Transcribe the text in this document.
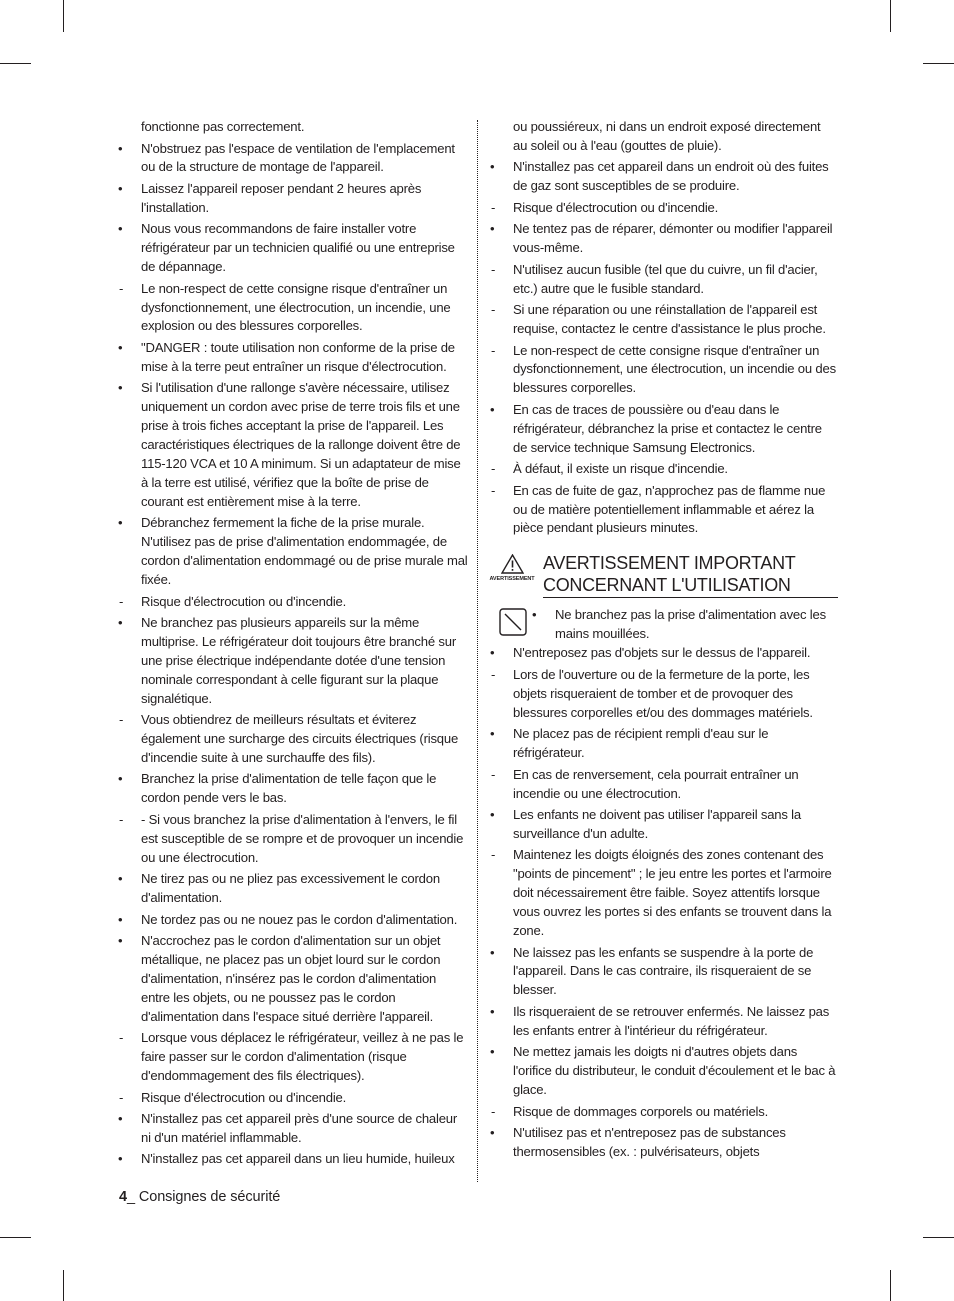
fonctionne pas correctement.
• N'obstruez pas l'espace de ventilation de l'emplacement ou de la structure de montage de l'appareil.
• Laissez l'appareil reposer pendant 2 heures après l'installation.
• Nous vous recommandons de faire installer votre réfrigérateur par un technicien qualifié ou une entreprise de dépannage.
- Le non-respect de cette consigne risque d'entraîner un dysfonctionnement, une électrocution, un incendie, une explosion ou des blessures corporelles.
• "DANGER : toute utilisation non conforme de la prise de mise à la terre peut entraîner un risque d'électrocution.
• Si l'utilisation d'une rallonge s'avère nécessaire, utilisez uniquement un cordon avec prise de terre trois fils et une prise à trois fiches acceptant la prise de l'appareil. Les caractéristiques électriques de la rallonge doivent être de 115-120 VCA et 10 A minimum. Si un adaptateur de mise à la terre est utilisé, vérifiez que la boîte de prise de courant est entièrement mise à la terre.
• Débranchez fermement la fiche de la prise murale. N'utilisez pas de prise d'alimentation endommagée, de cordon d'alimentation endommagé ou de prise murale mal fixée.
- Risque d'électrocution ou d'incendie.
• Ne branchez pas plusieurs appareils sur la même multiprise. Le réfrigérateur doit toujours être branché sur une prise électrique indépendante dotée d'une tension nominale correspondant à celle figurant sur la plaque signalétique.
- Vous obtiendrez de meilleurs résultats et éviterez également une surcharge des circuits électriques (risque d'incendie suite à une surchauffe des fils).
• Branchez la prise d'alimentation de telle façon que le cordon pende vers le bas.
- - Si vous branchez la prise d'alimentation à l'envers, le fil est susceptible de se rompre et de provoquer un incendie ou une électrocution.
• Ne tirez pas ou ne pliez pas excessivement le cordon d'alimentation.
• Ne tordez pas ou ne nouez pas le cordon d'alimentation.
• N'accrochez pas le cordon d'alimentation sur un objet métallique, ne placez pas un objet lourd sur le cordon d'alimentation, n'insérez pas le cordon d'alimentation entre les objets, ou ne poussez pas le cordon d'alimentation dans l'espace situé derrière l'appareil.
- Lorsque vous déplacez le réfrigérateur, veillez à ne pas le faire passer sur le cordon d'alimentation (risque d'endommagement des fils électriques).
- Risque d'électrocution ou d'incendie.
• N'installez pas cet appareil près d'une source de chaleur ni d'un matériel inflammable.
• N'installez pas cet appareil dans un lieu humide, huileux
ou poussiéreux, ni dans un endroit exposé directement au soleil ou à l'eau (gouttes de pluie).
• N'installez pas cet appareil dans un endroit où des fuites de gaz sont susceptibles de se produire.
- Risque d'électrocution ou d'incendie.
• Ne tentez pas de réparer, démonter ou modifier l'appareil vous-même.
- N'utilisez aucun fusible (tel que du cuivre, un fil d'acier, etc.) autre que le fusible standard.
- Si une réparation ou une réinstallation de l'appareil est requise, contactez le centre d'assistance le plus proche.
- Le non-respect de cette consigne risque d'entraîner un dysfonctionnement, une électrocution, un incendie ou des blessures corporelles.
• En cas de traces de poussière ou d'eau dans le réfrigérateur, débranchez la prise et contactez le centre de service technique Samsung Electronics.
- À défaut, il existe un risque d'incendie.
- En cas de fuite de gaz, n'approchez pas de flamme nue ou de matière potentiellement inflammable et aérez la pièce pendant plusieurs minutes.
AVERTISSEMENT
AVERTISSEMENT IMPORTANT
CONCERNANT L'UTILISATION
• Ne branchez pas la prise d'alimentation avec les mains mouillées.
• N'entreposez pas d'objets sur le dessus de l'appareil.
- Lors de l'ouverture ou de la fermeture de la porte, les objets risqueraient de tomber et de provoquer des blessures corporelles et/ou des dommages matériels.
• Ne placez pas de récipient rempli d'eau sur le réfrigérateur.
- En cas de renversement, cela pourrait entraîner un incendie ou une électrocution.
• Les enfants ne doivent pas utiliser l'appareil sans la surveillance d'un adulte.
- Maintenez les doigts éloignés des zones contenant des "points de pincement" ; le jeu entre les portes et l'armoire doit nécessairement être faible. Soyez attentifs lorsque vous ouvrez les portes si des enfants se trouvent dans la zone.
• Ne laissez pas les enfants se suspendre à la porte de l'appareil. Dans le cas contraire, ils risqueraient de se blesser.
• Ils risqueraient de se retrouver enfermés. Ne laissez pas les enfants entrer à l'intérieur du réfrigérateur.
• Ne mettez jamais les doigts ni d'autres objets dans l'orifice du distributeur, le conduit d'écoulement et le bac à glace.
- Risque de dommages corporels ou matériels.
• N'utilisez pas et n'entreposez pas de substances thermosensibles (ex. : pulvérisateurs, objets
4_ Consignes de sécurité
